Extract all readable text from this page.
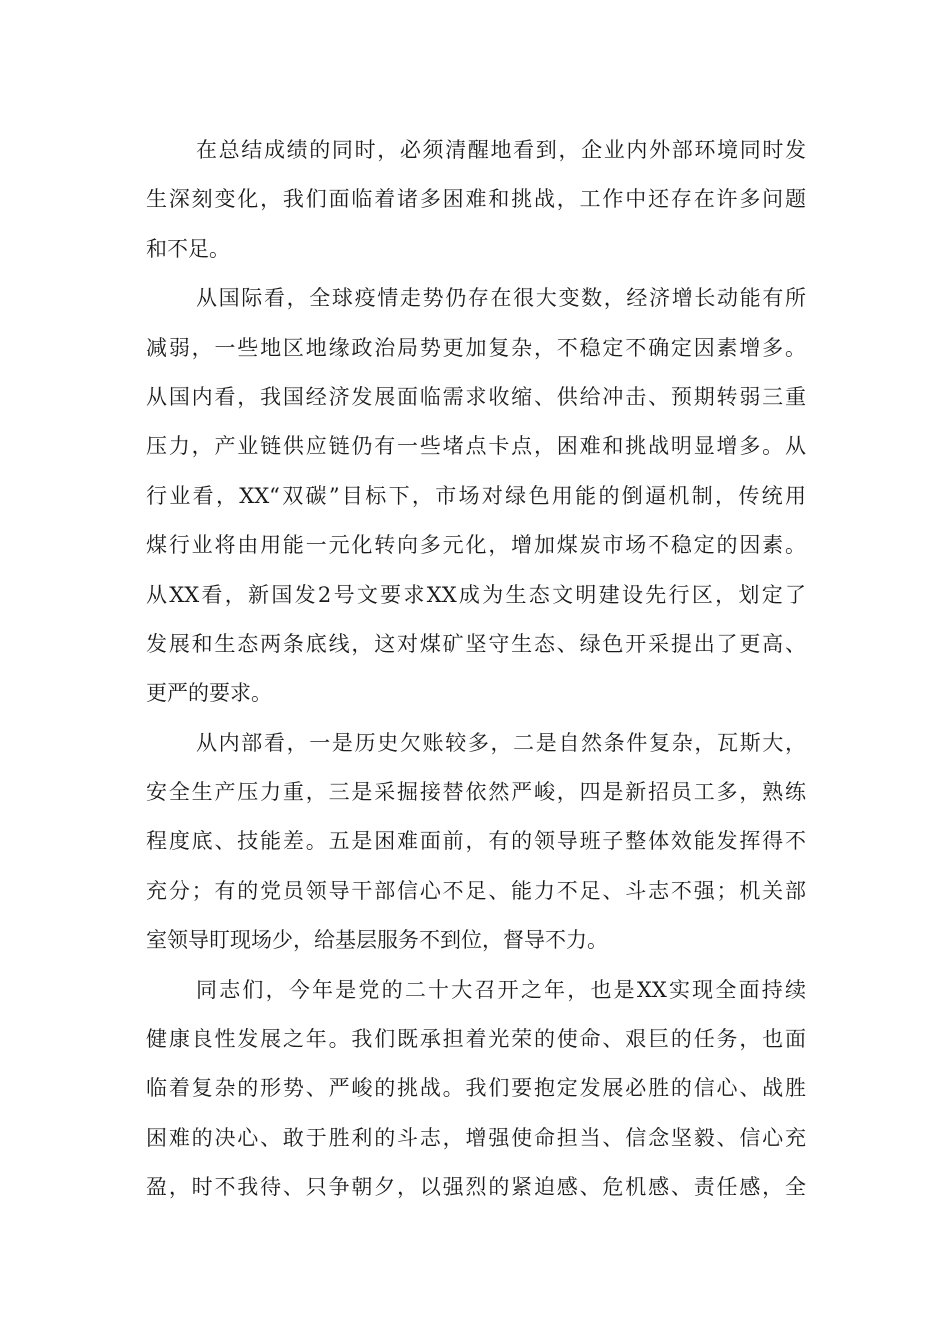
在总结成绩的同时，必须清醒地看到，企业内外部环境同时发
生深刻变化，我们面临着诸多困难和挑战，工作中还存在许多问题
和不足。
从国际看，全球疫情走势仍存在很大变数，经济增长动能有所
减弱，一些地区地缘政治局势更加复杂，不稳定不确定因素增多。
从国内看，我国经济发展面临需求收缩、供给冲击、预期转弱三重
压力，产业链供应链仍有一些堵点卡点，困难和挑战明显增多。从
行业看，XX“双碳”目标下，市场对绿色用能的倒逼机制，传统用
煤行业将由用能一元化转向多元化，增加煤炭市场不稳定的因素。
从XX看，新国发2号文要求XX成为生态文明建设先行区，划定了
发展和生态两条底线，这对煤矿坚守生态、绿色开采提出了更高、
更严的要求。
从内部看，一是历史欠账较多，二是自然条件复杂，瓦斯大，
安全生产压力重，三是采掘接替依然严峻，四是新招员工多，熟练
程度底、技能差。五是困难面前，有的领导班子整体效能发挥得不
充分；有的党员领导干部信心不足、能力不足、斗志不强；机关部
室领导盯现场少，给基层服务不到位，督导不力。
同志们，今年是党的二十大召开之年，也是XX实现全面持续
健康良性发展之年。我们既承担着光荣的使命、艰巨的任务，也面
临着复杂的形势、严峻的挑战。我们要抱定发展必胜的信心、战胜
困难的决心、敢于胜利的斗志，增强使命担当、信念坚毅、信心充
盈，时不我待、只争朝夕，以强烈的紧迫感、危机感、责任感，全
